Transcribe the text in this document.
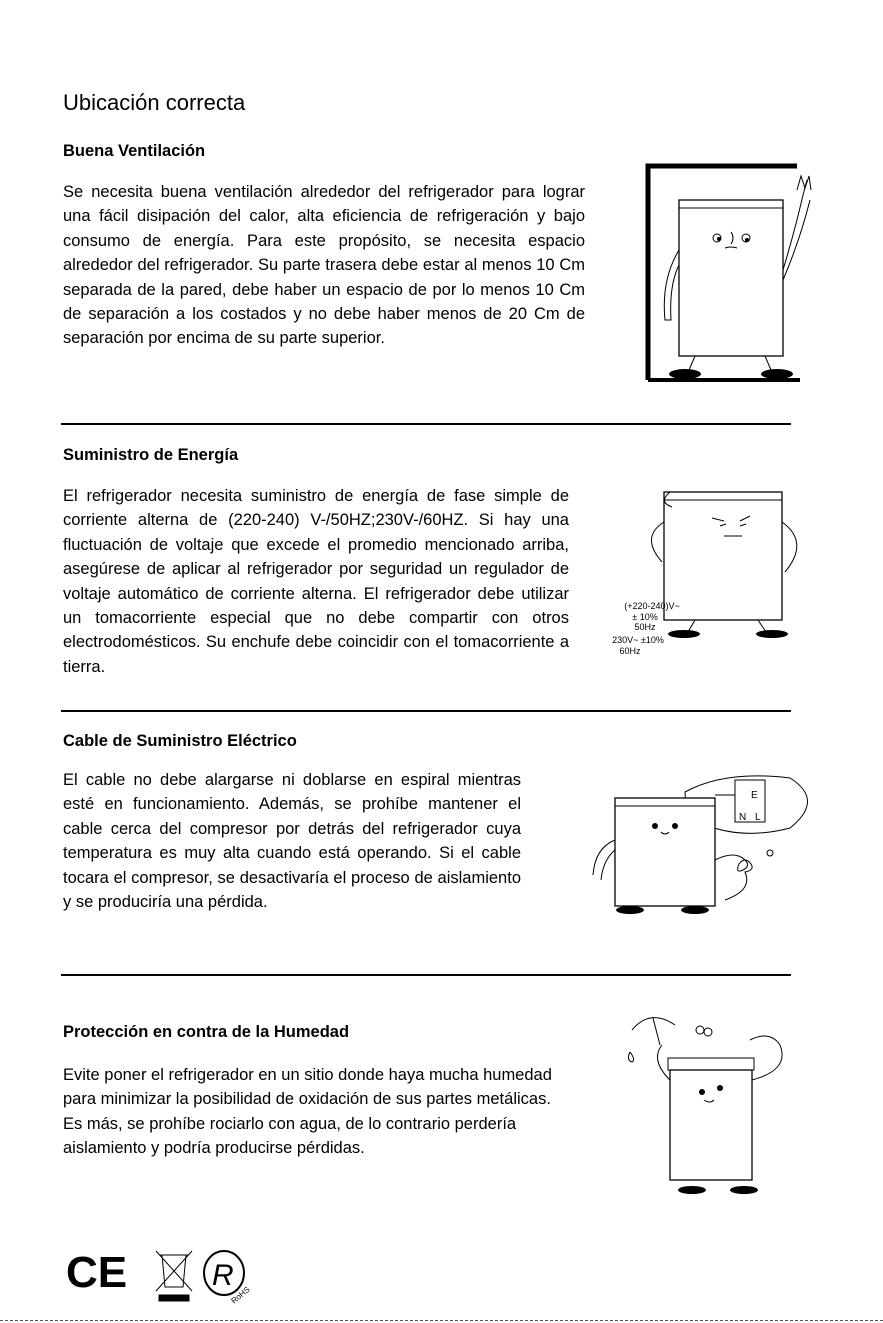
Ubicación correcta
Buena Ventilación

Se necesita buena ventilación alrededor del refrigerador para lograr una fácil disipación del calor, alta eficiencia de refrigeración y bajo consumo de energía. Para este propósito, se necesita espacio alrededor del refrigerador. Su parte trasera debe estar al menos 10 Cm separada de la pared, debe haber un espacio de por lo menos 10 Cm de separación a los costados y no debe haber menos de 20 Cm de separación por encima de su parte superior.

Suministro de Energía

El refrigerador necesita suministro de energía de fase simple de corriente alterna de (220-240) V-/50HZ;230V-/60HZ. Si hay una fluctuación de voltaje que excede el promedio mencionado arriba, asegúrese de aplicar al refrigerador por seguridad un regulador de voltaje automático de corriente alterna. El refrigerador debe utilizar un tomacorriente especial que no debe compartir con otros electrodomésticos. Su enchufe debe coincidir con el tomacorriente a tierra.

(+220-240)V~
± 10%
50Hz
230V~ ±10%
60Hz
Cable de Suministro Eléctrico

El cable no debe alargarse ni doblarse en espiral mientras esté en funcionamiento. Además, se prohíbe mantener el cable cerca del compresor por detrás del refrigerador cuya temperatura es muy alta cuando está operando. Si el cable tocara el compresor, se desactivaría el proceso de aislamiento y se produciría una pérdida.

E
N L
Protección en contra de la Humedad

Evite poner el refrigerador en un sitio donde haya mucha humedad para minimizar la posibilidad de oxidación de sus partes metálicas. Es más, se prohíbe rociarlo con agua, de lo contrario perdería aislamiento y podría producirse pérdidas.

CE	R
RoHS
